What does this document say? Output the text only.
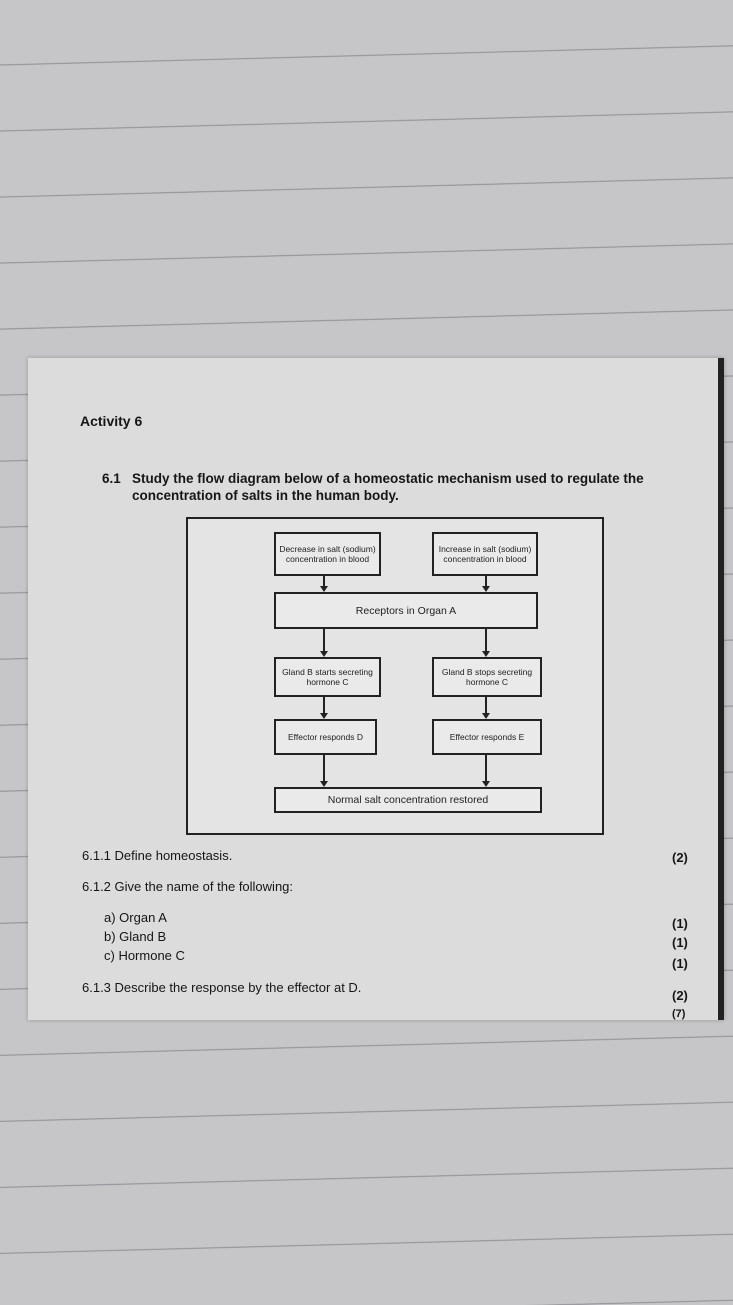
Activity 6
6.1 Study the flow diagram below of a homeostatic mechanism used to regulate the concentration of salts in the human body.
Decrease in salt (sodium) concentration in blood
Increase in salt (sodium) concentration in blood
Receptors in Organ A
Gland B starts secreting hormone C
Gland B stops secreting hormone C
Effector responds D	Effector responds E
Normal salt concentration restored
6.1.1 Define homeostasis.	(2)
6.1.2 Give the name of the following:
a) Organ A	(1)
b) Gland B	(1)
c) Hormone C
(1)
6.1.3 Describe the response by the effector at D.
(2)
(7)
